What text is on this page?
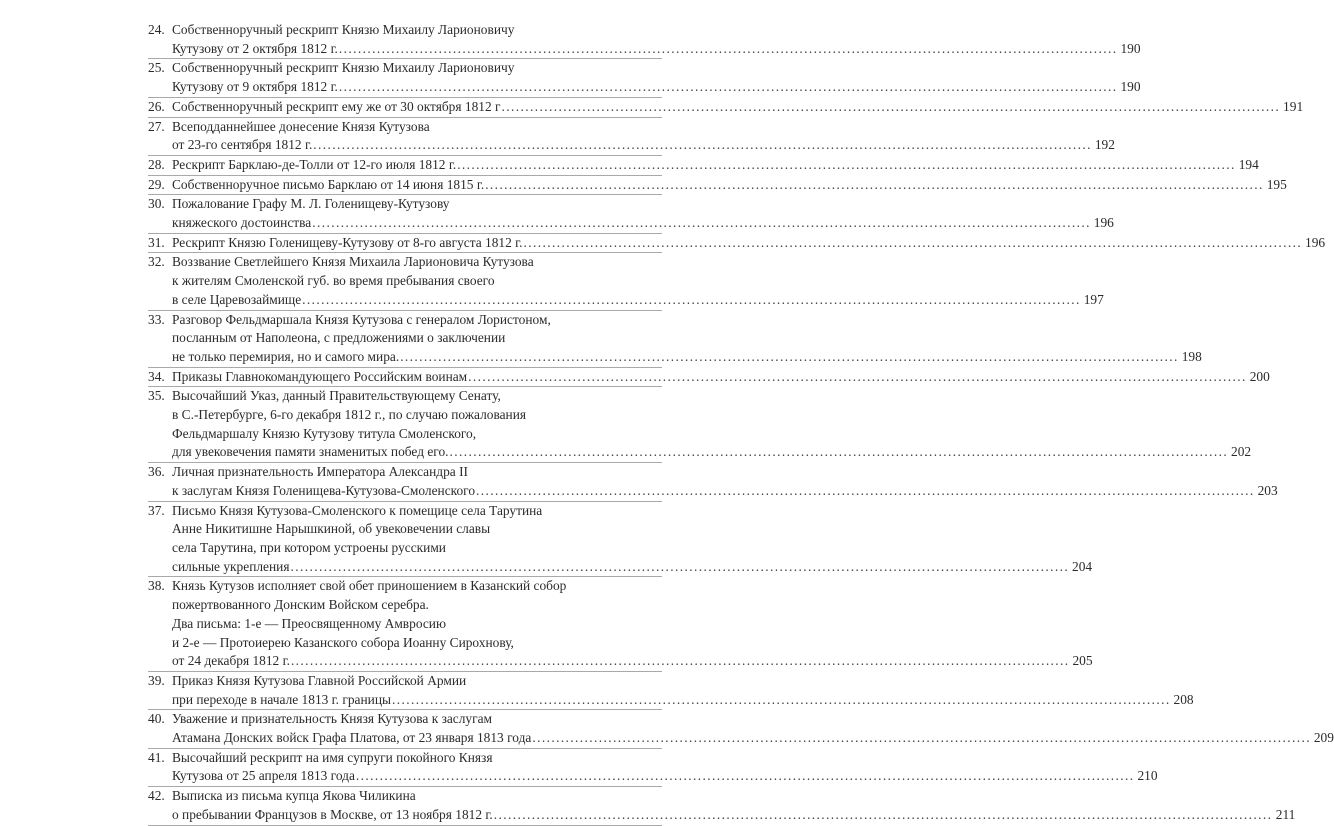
24. Собственноручный рескрипт Князю Михаилу Ларионовичу
Кутузову от 2 октября 1812 г. .....	190
25. Собственноручный рескрипт Князю Михаилу Ларионовичу
Кутузову от 9 октября 1812 г. .....	190
26. Собственноручный рескрипт ему же от 30 октября 1812 г .....	191
27. Всеподданнейшее донесение Князя Кутузова
от 23-го сентября 1812 г. .....	192
28. Рескрипт Барклаю-де-Толли от 12-го июля 1812 г. .....	194
29. Собственноручное письмо Барклаю от 14 июня 1815 г. .....	195
30. Пожалование Графу М. Л. Голенищеву-Кутузову
княжеского достоинства .....	196
31. Рескрипт Князю Голенищеву-Кутузову от 8-го августа 1812 г. .....	196
32. Воззвание Светлейшего Князя Михаила Ларионовича Кутузова
к жителям Смоленской губ. во время пребывания своего
в селе Царевозаймище .....	197
33. Разговор Фельдмаршала Князя Кутузова с генералом Лористоном,
посланным от Наполеона, с предложениями о заключении
не только перемирия, но и самого мира. .....	198
34. Приказы Главнокомандующего Российским воинам .....	200
35. Высочайший Указ, данный Правительствующему Сенату,
в С.-Петербурге, 6-го декабря 1812 г., по случаю пожалования
Фельдмаршалу Князю Кутузову титула Смоленского,
для увековечения памяти знаменитых побед его. .....	202
36. Личная признательность Императора Александра II
к заслугам Князя Голенищева-Кутузова-Смоленского .....	203
37. Письмо Князя Кутузова-Смоленского к помещице села Тарутина
Анне Никитишне Нарышкиной, об увековечении славы
села Тарутина, при котором устроены русскими
сильные укрепления .....	204
38. Князь Кутузов исполняет свой обет приношением в Казанский собор
пожертвованного Донским Войском серебра.
Два письма: 1-е — Преосвященному Амвросию
и 2-е — Протоиерею Казанского собора Иоанну Сирохнову,
от 24 декабря 1812 г. .....	205
39. Приказ Князя Кутузова Главной Российской Армии
при переходе в начале 1813 г. границы .....	208
40. Уважение и признательность Князя Кутузова к заслугам
Атамана Донских войск Графа Платова, от 23 января 1813 года .....	209
41. Высочайший рескрипт на имя супруги покойного Князя
Кутузова от 25 апреля 1813 года .....	210
42. Выписка из письма купца Якова Чиликина
о пребывании Французов в Москве, от 13 ноября 1812 г. .....	211
